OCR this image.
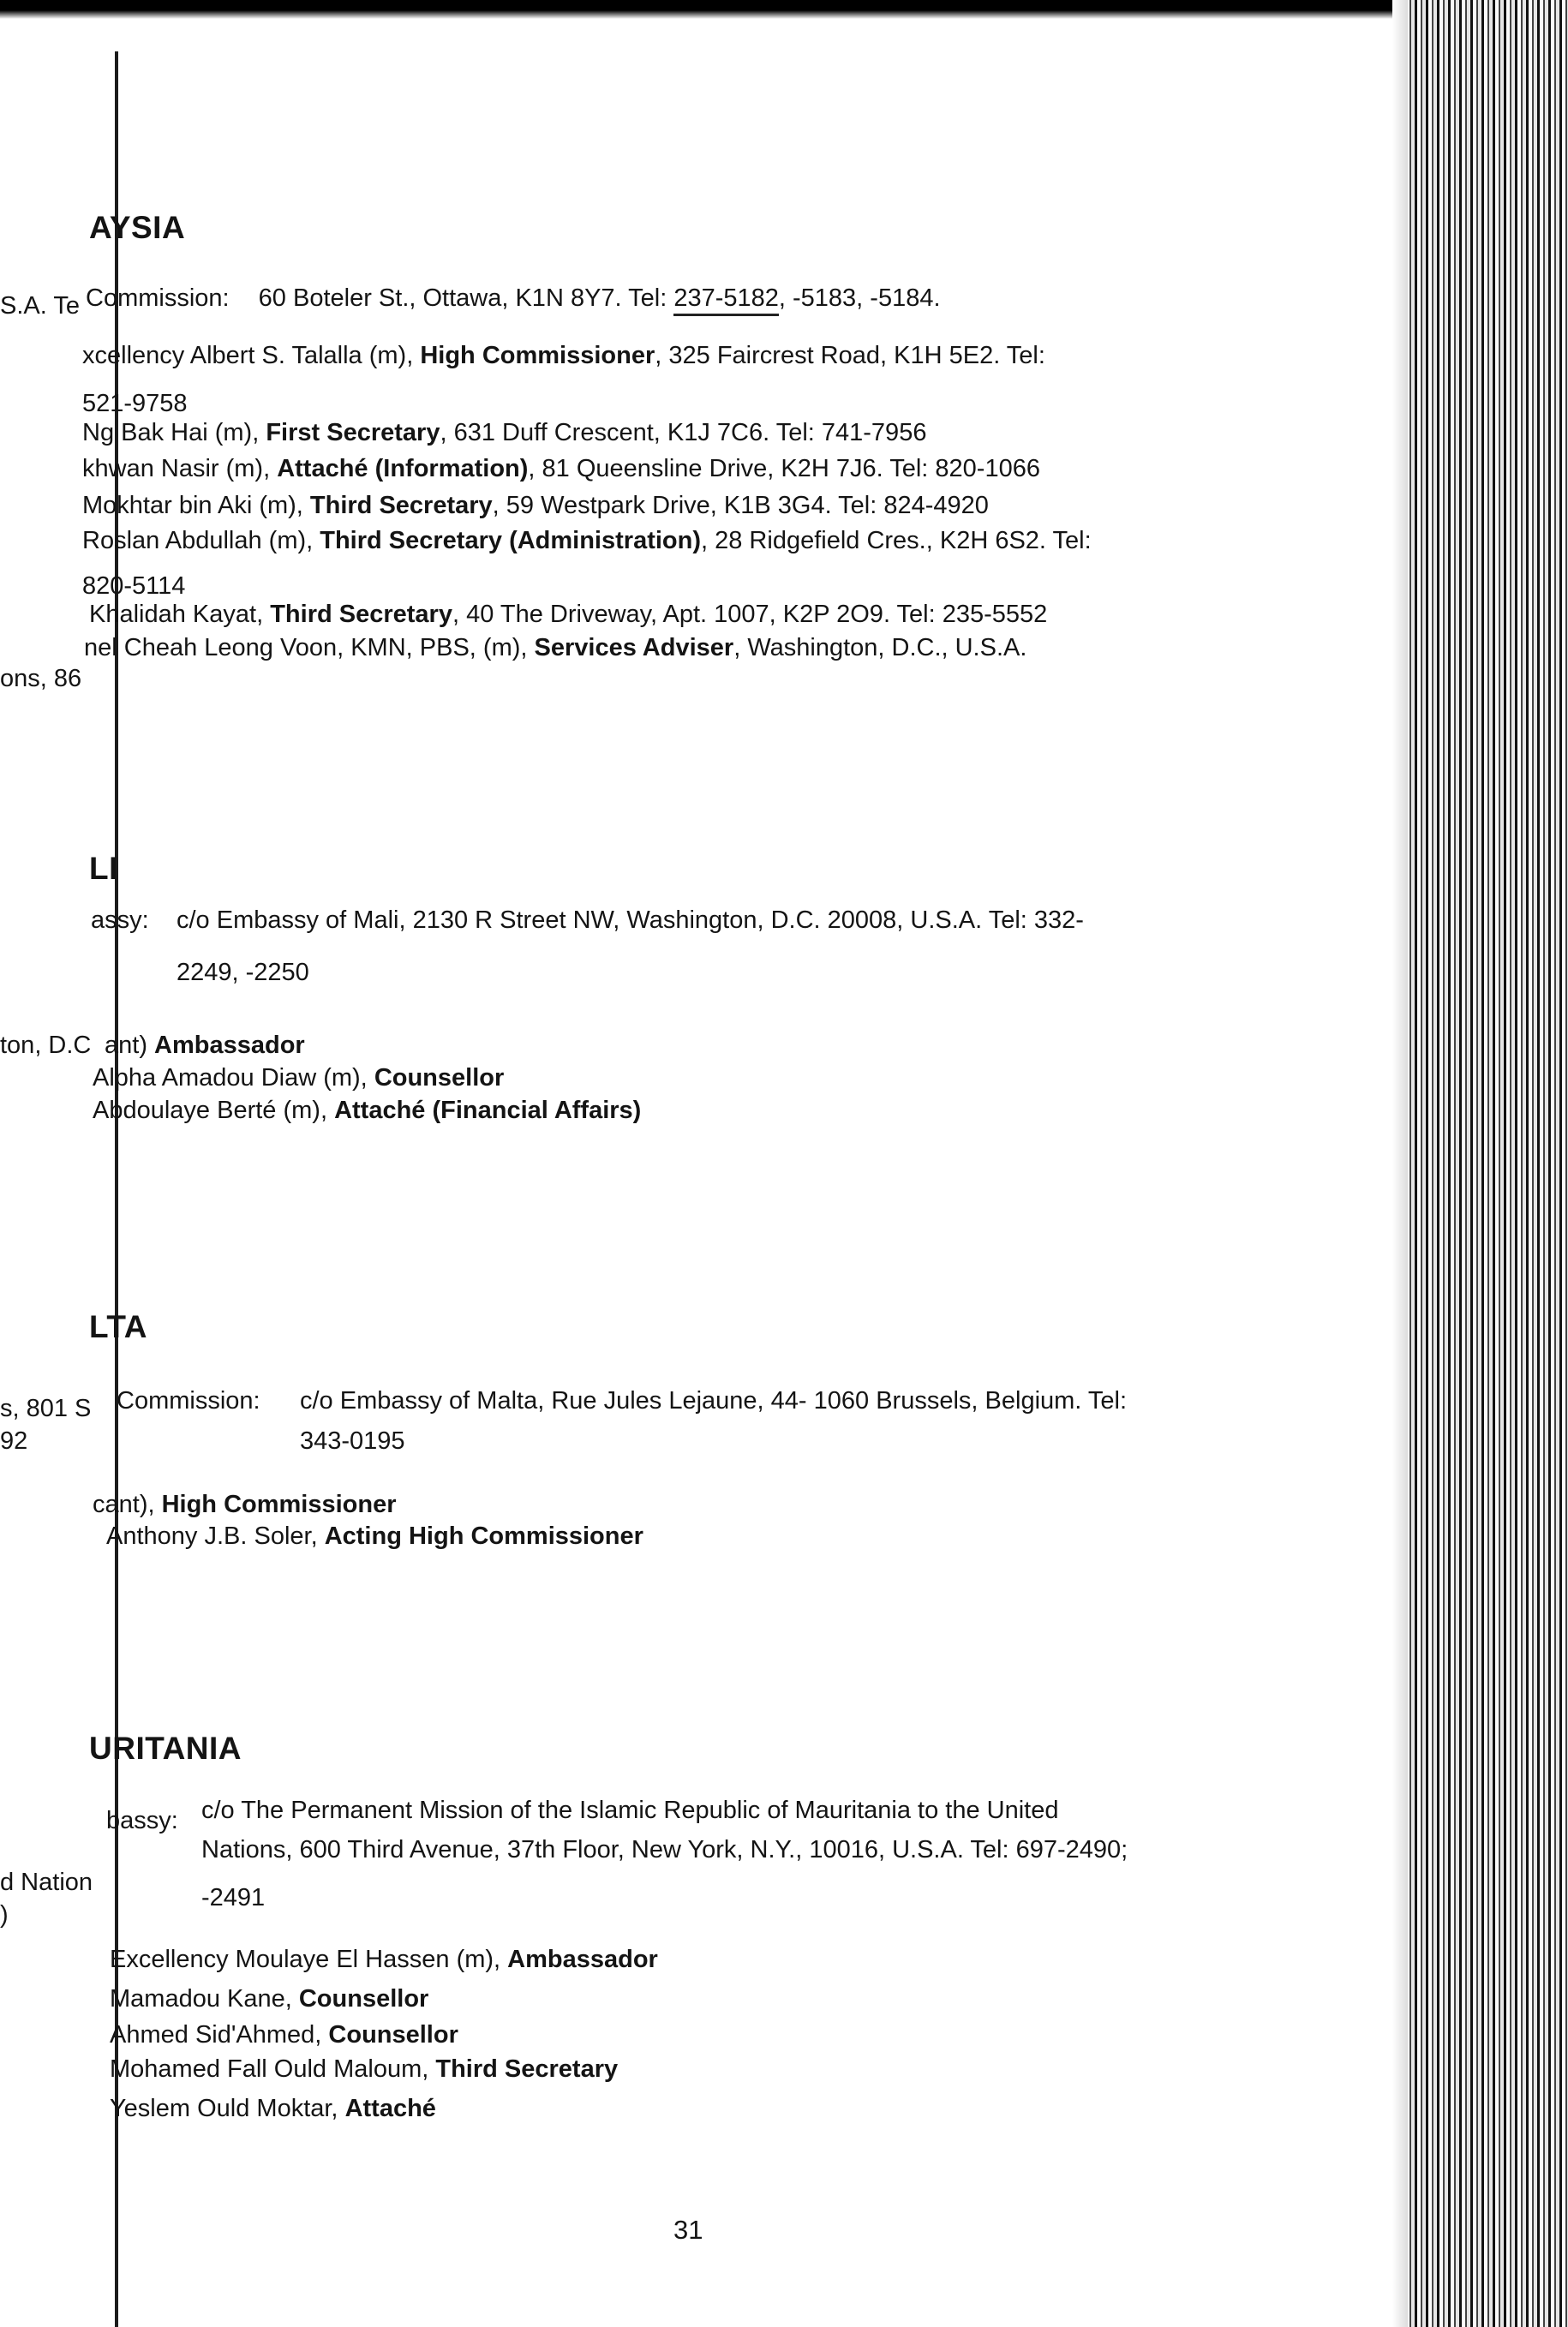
S.A. Te
ons, 86
ton, D.C
s, 801 S
92
d Nation
)
AYSIA
Commission: 60 Boteler St., Ottawa, K1N 8Y7. Tel: 237-5182, -5183, -5184.
xcellency Albert S. Talalla (m), High Commissioner, 325 Faircrest Road, K1H 5E2. Tel:
521-9758
Ng Bak Hai (m), First Secretary, 631 Duff Crescent, K1J 7C6. Tel: 741-7956
khwan Nasir (m), Attaché (Information), 81 Queensline Drive, K2H 7J6. Tel: 820-1066
Mokhtar bin Aki (m), Third Secretary, 59 Westpark Drive, K1B 3G4. Tel: 824-4920
Roslan Abdullah (m), Third Secretary (Administration), 28 Ridgefield Cres., K2H 6S2. Tel:
820-5114
Khalidah Kayat, Third Secretary, 40 The Driveway, Apt. 1007, K2P 2O9. Tel: 235-5552
nel Cheah Leong Voon, KMN, PBS, (m), Services Adviser, Washington, D.C., U.S.A.
LI
assy: c/o Embassy of Mali, 2130 R Street NW, Washington, D.C. 20008, U.S.A. Tel: 332-
2249, -2250
ant) Ambassador
Alpha Amadou Diaw (m), Counsellor
Abdoulaye Berté (m), Attaché (Financial Affairs)
LTA
Commission: c/o Embassy of Malta, Rue Jules Lejaune, 44- 1060 Brussels, Belgium. Tel:
343-0195
cant), High Commissioner
Anthony J.B. Soler, Acting High Commissioner
URITANIA
bassy: c/o The Permanent Mission of the Islamic Republic of Mauritania to the United
Nations, 600 Third Avenue, 37th Floor, New York, N.Y., 10016, U.S.A. Tel: 697-2490;
-2491
Excellency Moulaye El Hassen (m), Ambassador
Mamadou Kane, Counsellor
Ahmed Sid'Ahmed, Counsellor
Mohamed Fall Ould Maloum, Third Secretary
Yeslem Ould Moktar, Attaché
31
